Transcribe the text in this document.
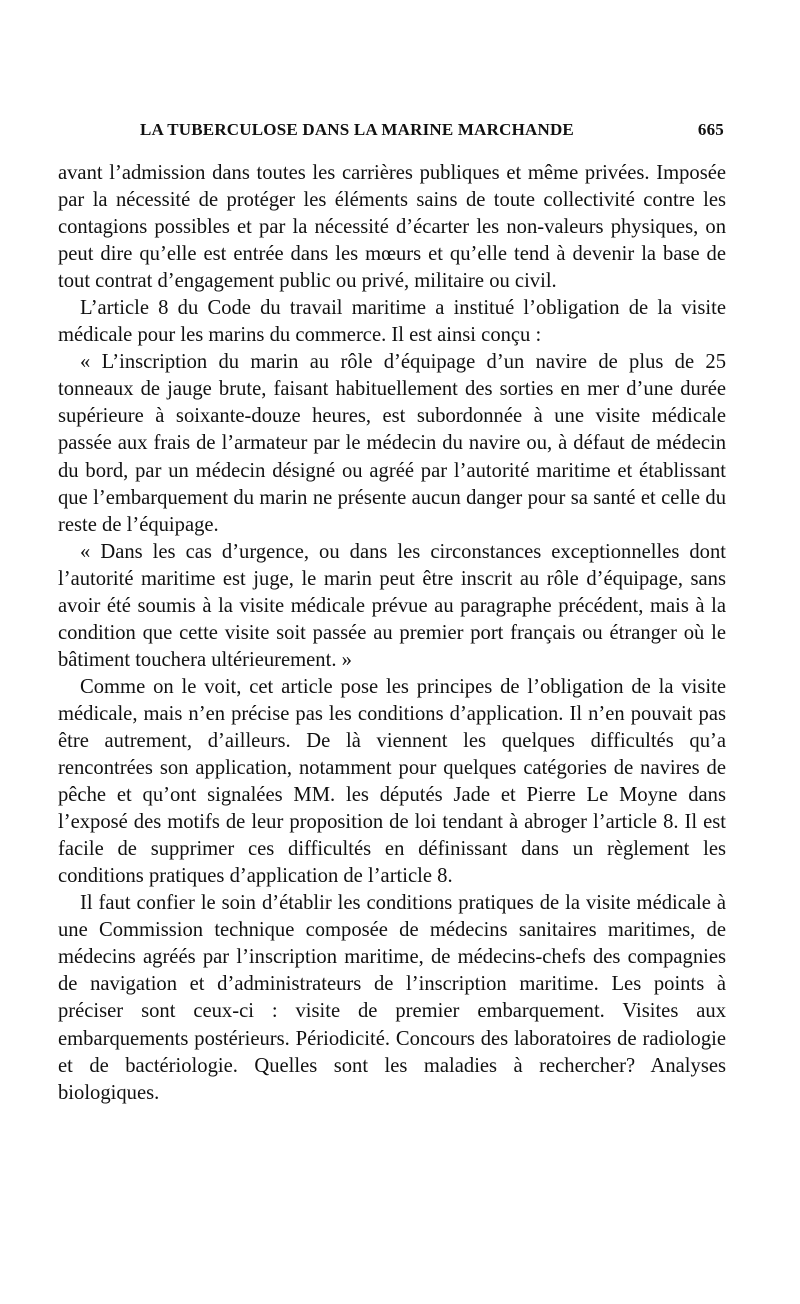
LA TUBERCULOSE DANS LA MARINE MARCHANDE	665

avant l’admission dans toutes les carrières publiques et même privées. Imposée par la nécessité de protéger les éléments sains de toute collectivité contre les contagions possibles et par la nécessité d’écarter les non-valeurs physiques, on peut dire qu’elle est entrée dans les mœurs et qu’elle tend à devenir la base de tout contrat d’engagement public ou privé, militaire ou civil.

L’article 8 du Code du travail maritime a institué l’obligation de la visite médicale pour les marins du commerce. Il est ainsi conçu :

« L’inscription du marin au rôle d’équipage d’un navire de plus de 25 tonneaux de jauge brute, faisant habituellement des sorties en mer d’une durée supérieure à soixante-douze heures, est subordonnée à une visite médicale passée aux frais de l’armateur par le médecin du navire ou, à défaut de médecin du bord, par un médecin désigné ou agréé par l’autorité maritime et établissant que l’embarquement du marin ne présente aucun danger pour sa santé et celle du reste de l’équipage.

« Dans les cas d’urgence, ou dans les circonstances exceptionnelles dont l’autorité maritime est juge, le marin peut être inscrit au rôle d’équipage, sans avoir été soumis à la visite médicale prévue au paragraphe précédent, mais à la condition que cette visite soit passée au premier port français ou étranger où le bâtiment touchera ultérieurement. »

Comme on le voit, cet article pose les principes de l’obligation de la visite médicale, mais n’en précise pas les conditions d’application. Il n’en pouvait pas être autrement, d’ailleurs. De là viennent les quelques difficultés qu’a rencontrées son application, notamment pour quelques catégories de navires de pêche et qu’ont signalées MM. les députés Jade et Pierre Le Moyne dans l’exposé des motifs de leur proposition de loi tendant à abroger l’article 8. Il est facile de supprimer ces difficultés en définissant dans un règlement les conditions pratiques d’application de l’article 8.

Il faut confier le soin d’établir les conditions pratiques de la visite médicale à une Commission technique composée de médecins sanitaires maritimes, de médecins agréés par l’inscription maritime, de médecins-chefs des compagnies de navigation et d’administrateurs de l’inscription maritime. Les points à préciser sont ceux-ci : visite de premier embarquement. Visites aux embarquements postérieurs. Périodicité. Concours des laboratoires de radiologie et de bactériologie. Quelles sont les maladies à rechercher? Analyses biologiques.
